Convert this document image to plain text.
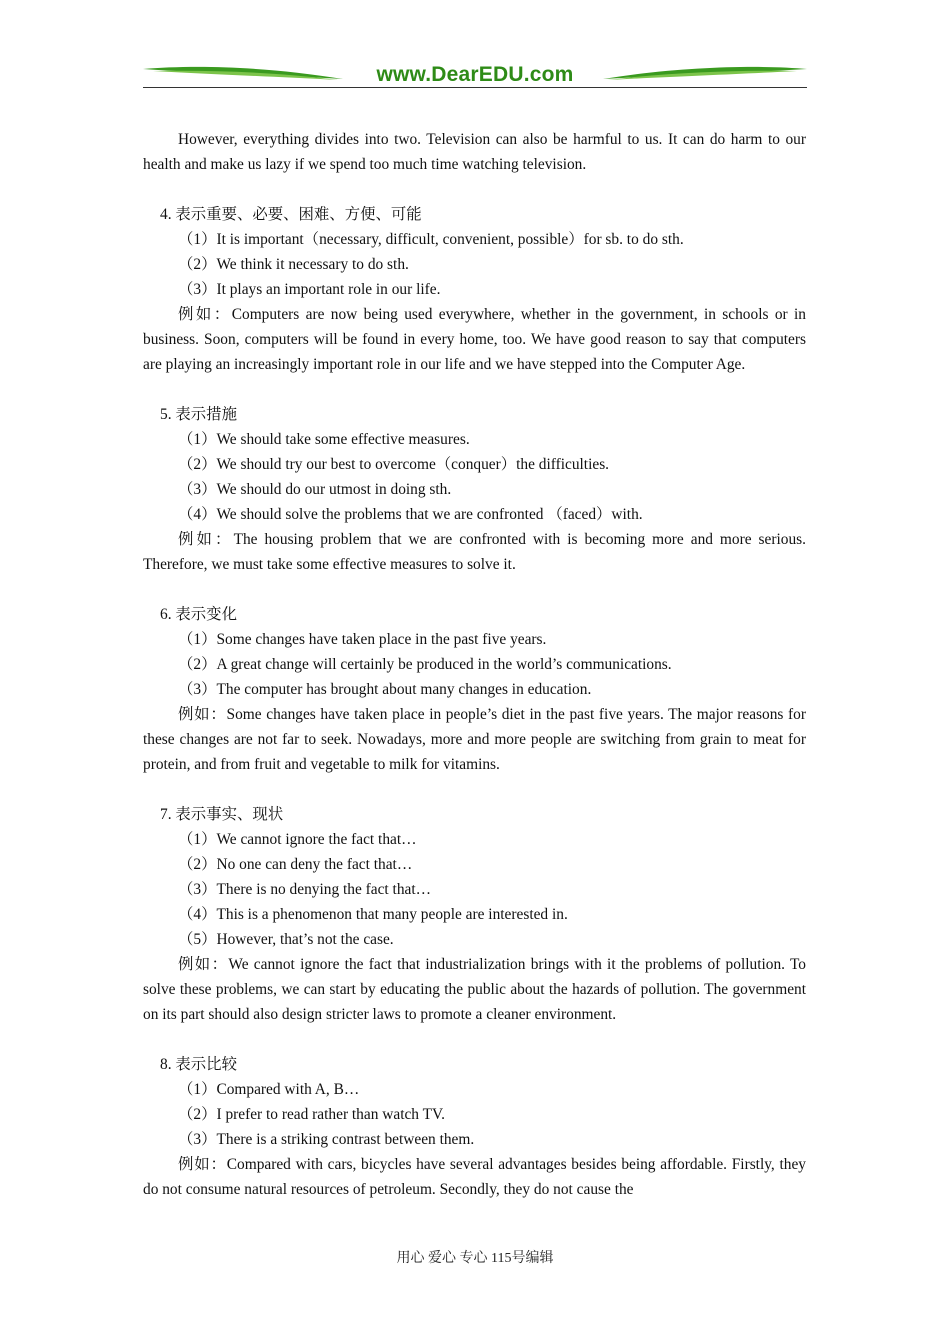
www.DearEDU.com

However, everything divides into two. Television can also be harmful to us. It can do harm to our health and make us lazy if we spend too much time watching television.

4. 表示重要、必要、困难、方便、可能

（1）It is important（necessary, difficult, convenient, possible）for sb. to do sth.

（2）We think it necessary to do sth.

（3）It plays an important role in our life.

例如：Computers are now being used everywhere, whether in the government, in schools or in business. Soon, computers will be found in every home, too. We have good reason to say that computers are playing an increasingly important role in our life and we have stepped into the Computer Age.

5. 表示措施

（1）We should take some effective measures.

（2）We should try our best to overcome（conquer）the difficulties.

（3）We should do our utmost in doing sth.

（4）We should solve the problems that we are confronted （faced）with.

例如：The housing problem that we are confronted with is becoming more and more serious. Therefore, we must take some effective measures to solve it.

6. 表示变化

（1）Some changes have taken place in the past five years.

（2）A great change will certainly be produced in the world’s communications.

（3）The computer has brought about many changes in education.

例如：Some changes have taken place in people’s diet in the past five years. The major reasons for these changes are not far to seek. Nowadays, more and more people are switching from grain to meat for protein, and from fruit and vegetable to milk for vitamins.

7. 表示事实、现状

（1）We cannot ignore the fact that…

（2）No one can deny the fact that…

（3）There is no denying the fact that…

（4）This is a phenomenon that many people are interested in.

（5）However, that’s not the case.

例如：We cannot ignore the fact that industrialization brings with it the problems of pollution. To solve these problems, we can start by educating the public about the hazards of pollution. The government on its part should also design stricter laws to promote a cleaner environment.

8. 表示比较

（1）Compared with A, B…

（2）I prefer to read rather than watch TV.

（3）There is a striking contrast between them.

例如：Compared with cars, bicycles have several advantages besides being affordable. Firstly, they do not consume natural resources of petroleum. Secondly, they do not cause the

用心 爱心 专心 115号编辑
